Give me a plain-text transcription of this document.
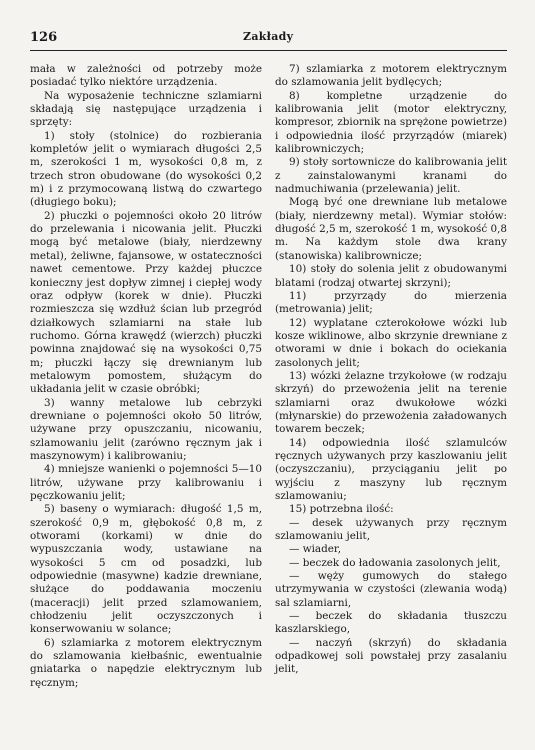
126	Zakłady

mała w zależności od potrzeby może posiadać tylko niektóre urządzenia.

Na wyposażenie techniczne szlamiarni składają się następujące urządzenia i sprzęty:

1) stoły (stolnice) do rozbierania kompletów jelit o wymiarach długości 2,5 m, szerokości 1 m, wysokości 0,8 m, z trzech stron obudowane (do wysokości 0,2 m) i z przymocowaną listwą do czwartego (długiego boku);

2) płuczki o pojemności około 20 litrów do przelewania i nicowania jelit. Płuczki mogą być metalowe (biały, nierdzewny metal), żeliwne, fajansowe, w ostateczności nawet cementowe. Przy każdej płuczce konieczny jest dopływ zimnej i ciepłej wody oraz odpływ (korek w dnie). Płuczki rozmieszcza się wzdłuż ścian lub przegród działkowych szlamiarni na stałe lub ruchomo. Górna krawędź (wierzch) płuczki powinna znajdować się na wysokości 0,75 m; płuczki łączy się drewnianym lub metalowym pomostem, służącym do układania jelit w czasie obróbki;

3) wanny metalowe lub cebrzyki drewniane o pojemności około 50 litrów, używane przy opuszczaniu, nicowaniu, szlamowaniu jelit (zarówno ręcznym jak i maszynowym) i kalibrowaniu;

4) mniejsze wanienki o pojemności 5—10 litrów, używane przy kalibrowaniu i pęczkowaniu jelit;

5) baseny o wymiarach: długość 1,5 m, szerokość 0,9 m, głębokość 0,8 m, z otworami (korkami) w dnie do wypuszczania wody, ustawiane na wysokości 5 cm od posadzki, lub odpowiednie (masywne) kadzie drewniane, służące do poddawania moczeniu (maceracji) jelit przed szlamowaniem, chłodzeniu jelit oczyszczonych i konserwowaniu w solance;

6) szlamiarka z motorem elektrycznym do szlamowania kiełbaśnic, ewentualnie gniatarka o napędzie elektrycznym lub ręcznym;

7) szlamiarka z motorem elektrycznym do szlamowania jelit bydlęcych;

8) kompletne urządzenie do kalibrowania jelit (motor elektryczny, kompresor, zbiornik na sprężone powietrze) i odpowiednia ilość przyrządów (miarek) kalibrowniczych;

9) stoły sortownicze do kalibrowania jelit z zainstalowanymi kranami do nadmuchiwania (przelewania) jelit.

Mogą być one drewniane lub metalowe (biały, nierdzewny metal). Wymiar stołów: długość 2,5 m, szerokość 1 m, wysokość 0,8 m. Na każdym stole dwa krany (stanowiska) kalibrownicze;

10) stoły do solenia jelit z obudowanymi blatami (rodzaj otwartej skrzyni);

11) przyrządy do mierzenia (metrowania) jelit;

12) wyplatane czterokołowe wózki lub kosze wiklinowe, albo skrzynie drewniane z otworami w dnie i bokach do ociekania zasolonych jelit;

13) wózki żelazne trzykołowe (w rodzaju skrzyń) do przewożenia jelit na terenie szlamiarni oraz dwukołowe wózki (młynarskie) do przewożenia załadowanych towarem beczek;

14) odpowiednia ilość szlamulców ręcznych używanych przy kaszlowaniu jelit (oczyszczaniu), przyciąganiu jelit po wyjściu z maszyny lub ręcznym szlamowaniu;

15) potrzebna ilość:

— desek używanych przy ręcznym szlamowaniu jelit,

— wiader,

— beczek do ładowania zasolonych jelit,

— węży gumowych do stałego utrzymywania w czystości (zlewania wodą) sal szlamiarni,

— beczek do składania tłuszczu kaszlarskiego,

— naczyń (skrzyń) do składania odpadkowej soli powstałej przy zasalaniu jelit,
